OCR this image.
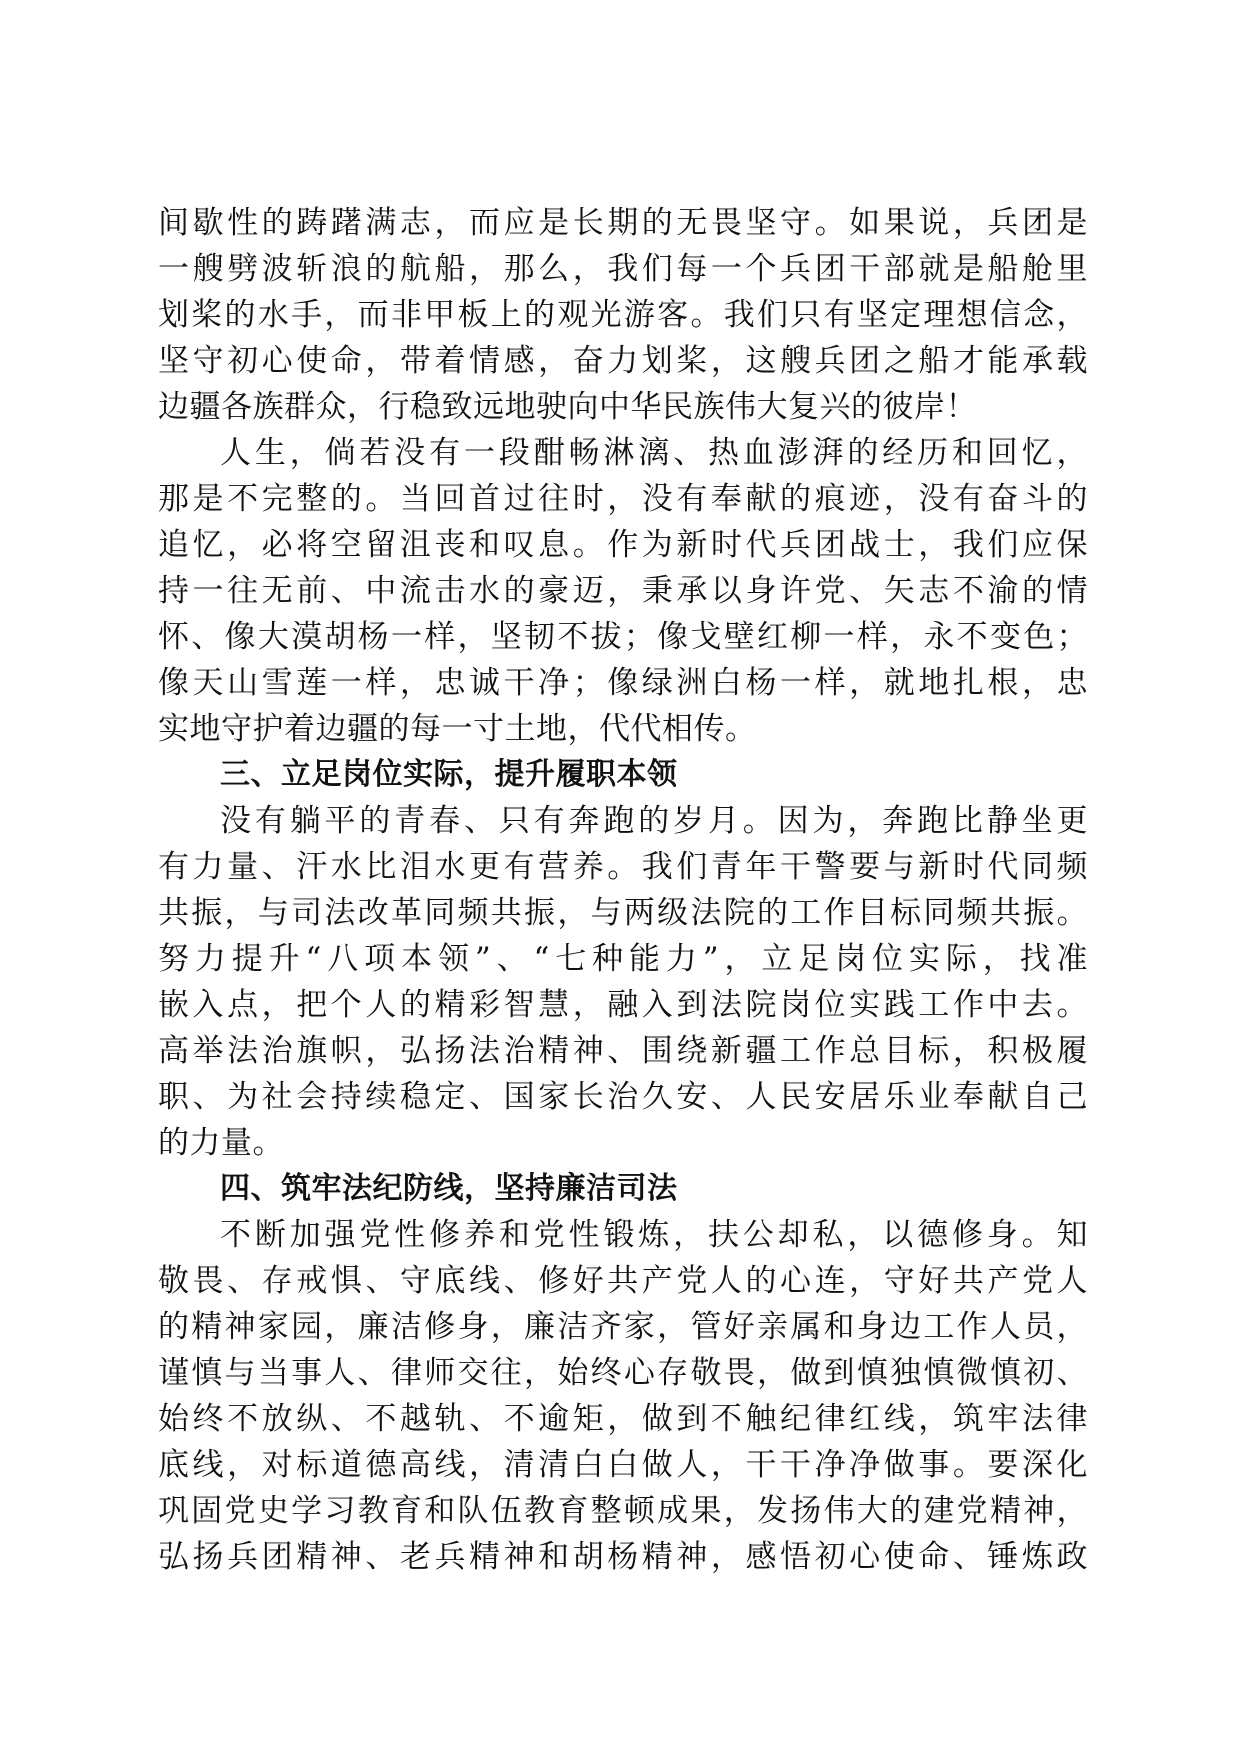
间歇性的踌躇满志，而应是长期的无畏坚守。如果说，兵团是
一艘劈波斩浪的航船，那么，我们每一个兵团干部就是船舱里
划桨的水手，而非甲板上的观光游客。我们只有坚定理想信念，
坚守初心使命，带着情感，奋力划桨，这艘兵团之船才能承载
边疆各族群众，行稳致远地驶向中华民族伟大复兴的彼岸！
人生，倘若没有一段酣畅淋漓、热血澎湃的经历和回忆，
那是不完整的。当回首过往时，没有奉献的痕迹，没有奋斗的
追忆，必将空留沮丧和叹息。作为新时代兵团战士，我们应保
持一往无前、中流击水的豪迈，秉承以身许党、矢志不渝的情
怀、像大漠胡杨一样，坚韧不拔；像戈壁红柳一样，永不变色；
像天山雪莲一样，忠诚干净；像绿洲白杨一样，就地扎根，忠
实地守护着边疆的每一寸土地，代代相传。
三、立足岗位实际，提升履职本领
没有躺平的青春、只有奔跑的岁月。因为，奔跑比静坐更
有力量、汗水比泪水更有营养。我们青年干警要与新时代同频
共振，与司法改革同频共振，与两级法院的工作目标同频共振。
努力提升“八项本领”、“七种能力”，立足岗位实际，找准
嵌入点，把个人的精彩智慧，融入到法院岗位实践工作中去。
高举法治旗帜，弘扬法治精神、围绕新疆工作总目标，积极履
职、为社会持续稳定、国家长治久安、人民安居乐业奉献自己
的力量。
四、筑牢法纪防线，坚持廉洁司法
不断加强党性修养和党性锻炼，扶公却私，以德修身。知
敬畏、存戒惧、守底线、修好共产党人的心连，守好共产党人
的精神家园，廉洁修身，廉洁齐家，管好亲属和身边工作人员，
谨慎与当事人、律师交往，始终心存敬畏，做到慎独慎微慎初、
始终不放纵、不越轨、不逾矩，做到不触纪律红线，筑牢法律
底线，对标道德高线，清清白白做人，干干净净做事。要深化
巩固党史学习教育和队伍教育整顿成果，发扬伟大的建党精神，
弘扬兵团精神、老兵精神和胡杨精神，感悟初心使命、锤炼政
